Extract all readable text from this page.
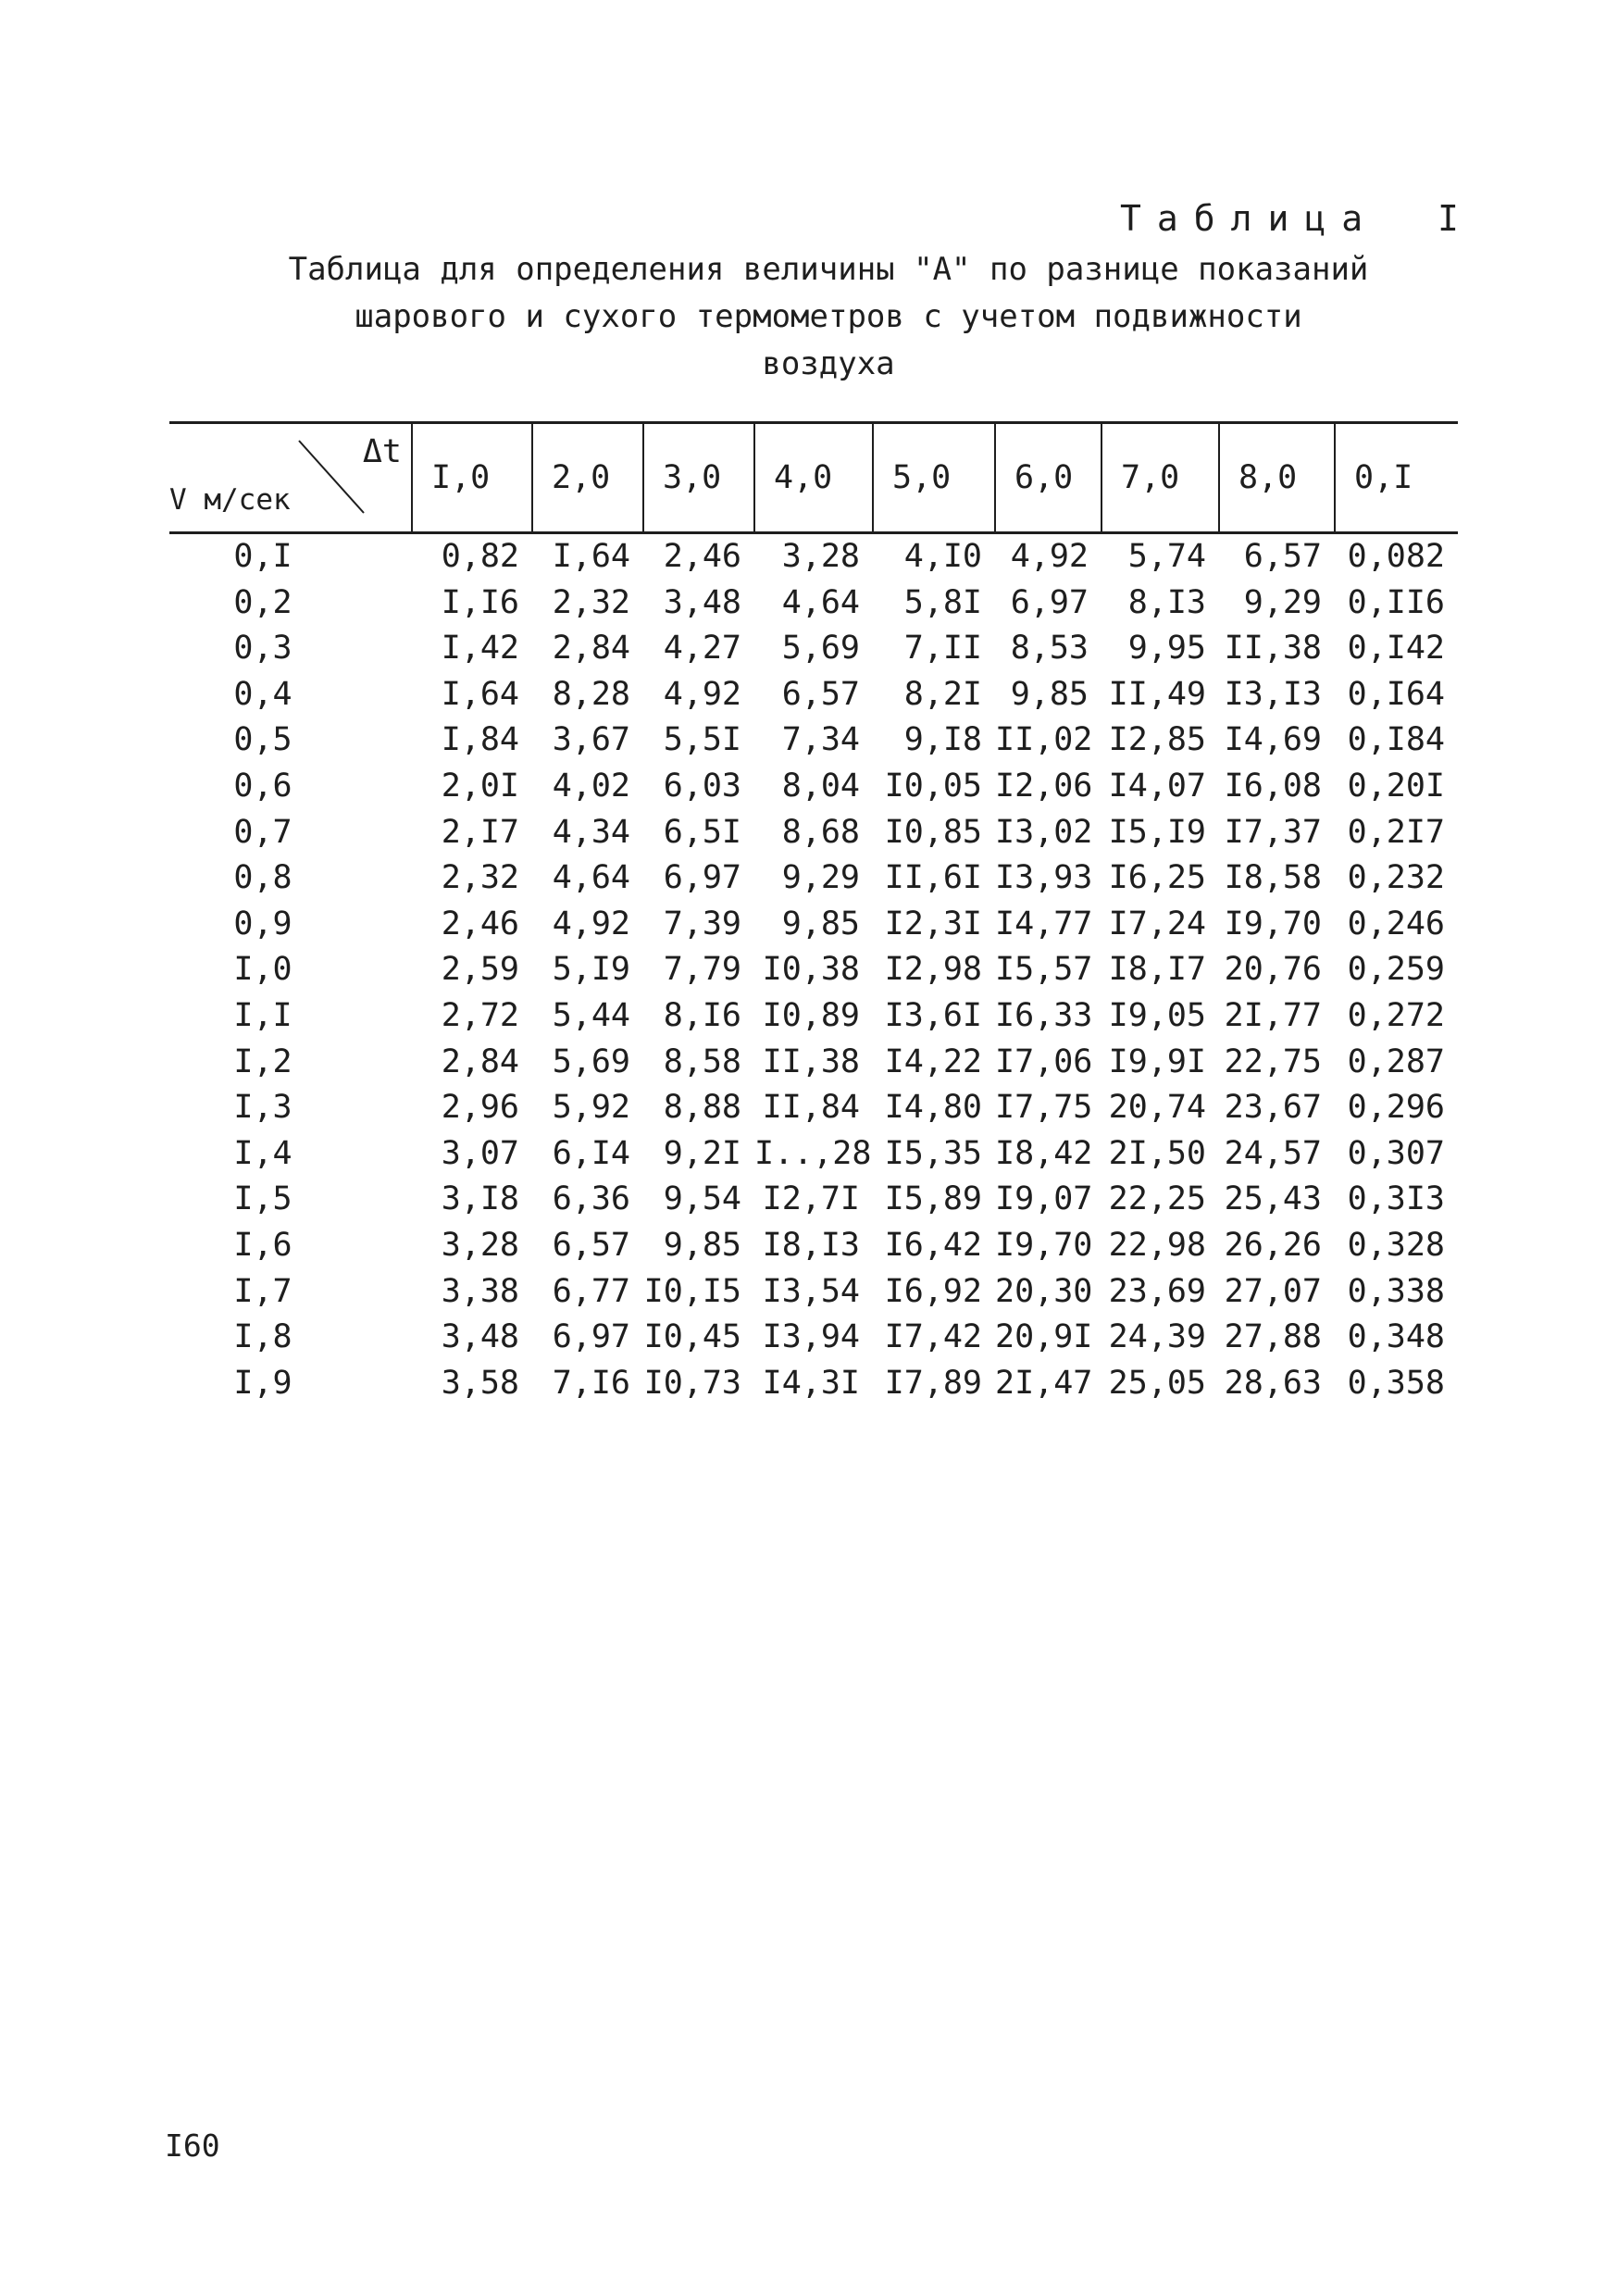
Таблица I
Таблица для определения величины "А" по разнице показаний
шарового и сухого термометров с учетом подвижности
воздуха
Δt
V м/сек	I,0	2,0	3,0	4,0	5,0	6,0	7,0	8,0	0,I

0,I	0,82	I,64	2,46	3,28	4,I0	4,92	5,74	6,57	0,082
0,2	I,I6	2,32	3,48	4,64	5,8I	6,97	8,I3	9,29	0,II6
0,3	I,42	2,84	4,27	5,69	7,II	8,53	9,95	II,38	0,I42
0,4	I,64	8,28	4,92	6,57	8,2I	9,85	II,49	I3,I3	0,I64
0,5	I,84	3,67	5,5I	7,34	9,I8	II,02	I2,85	I4,69	0,I84
0,6	2,0I	4,02	6,03	8,04	I0,05	I2,06	I4,07	I6,08	0,20I
0,7	2,I7	4,34	6,5I	8,68	I0,85	I3,02	I5,I9	I7,37	0,2I7
0,8	2,32	4,64	6,97	9,29	II,6I	I3,93	I6,25	I8,58	0,232
0,9	2,46	4,92	7,39	9,85	I2,3I	I4,77	I7,24	I9,70	0,246
I,0	2,59	5,I9	7,79	I0,38	I2,98	I5,57	I8,I7	20,76	0,259
I,I	2,72	5,44	8,I6	I0,89	I3,6I	I6,33	I9,05	2I,77	0,272
I,2	2,84	5,69	8,58	II,38	I4,22	I7,06	I9,9I	22,75	0,287
I,3	2,96	5,92	8,88	II,84	I4,80	I7,75	20,74	23,67	0,296
I,4	3,07	6,I4	9,2I	I..,28	I5,35	I8,42	2I,50	24,57	0,307
I,5	3,I8	6,36	9,54	I2,7I	I5,89	I9,07	22,25	25,43	0,3I3
I,6	3,28	6,57	9,85	I8,I3	I6,42	I9,70	22,98	26,26	0,328
I,7	3,38	6,77	I0,I5	I3,54	I6,92	20,30	23,69	27,07	0,338
I,8	3,48	6,97	I0,45	I3,94	I7,42	20,9I	24,39	27,88	0,348
I,9	3,58	7,I6	I0,73	I4,3I	I7,89	2I,47	25,05	28,63	0,358
I60
